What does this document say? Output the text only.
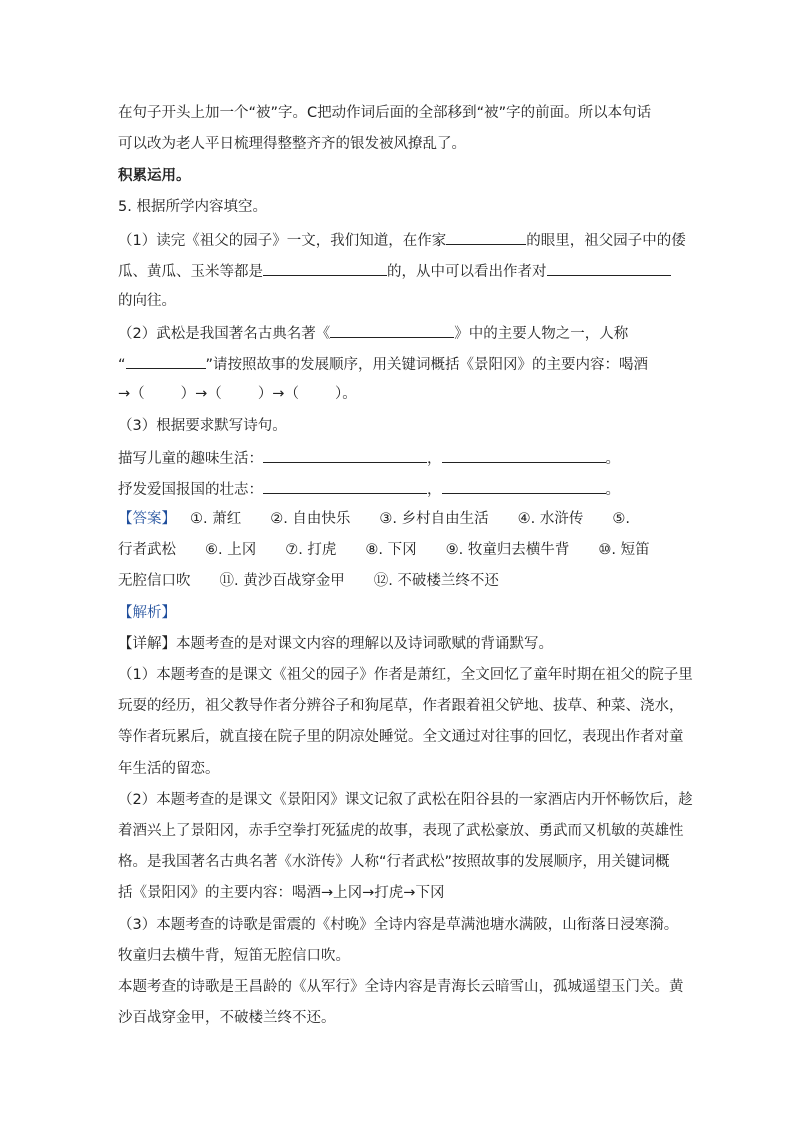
在句子开头上加一个“被”字。C把动作词后面的全部移到“被”字的前面。所以本句话
可以改为老人平日梳理得整整齐齐的银发被风撩乱了。
积累运用。
5. 根据所学内容填空。
（1）读完《祖父的园子》一文，我们知道，在作家	的眼里，祖父园子中的倭
瓜、黄瓜、玉米等都是	的，从中可以看出作者对
的向往。
（2）武松是我国著名古典名著《	》中的主要人物之一，人称
“	”请按照故事的发展顺序，用关键词概括《景阳冈》的主要内容：喝酒
→（ ）→（ ）→（ ）。
（3）根据要求默写诗句。
描写儿童的趣味生活：	，	。
抒发爱国报国的壮志：	，	。
【答案】 ①. 萧红　　②. 自由快乐　　③. 乡村自由生活　　④. 水浒传　　⑤.
行者武松　　⑥. 上冈　　⑦. 打虎　　⑧. 下冈　　⑨. 牧童归去横牛背　　⑩. 短笛
无腔信口吹　　⑪. 黄沙百战穿金甲　　⑫. 不破楼兰终不还
【解析】
【详解】本题考查的是对课文内容的理解以及诗词歌赋的背诵默写。
（1）本题考查的是课文《祖父的园子》作者是萧红，全文回忆了童年时期在祖父的院子里
玩耍的经历，祖父教导作者分辨谷子和狗尾草，作者跟着祖父铲地、拔草、种菜、浇水，
等作者玩累后，就直接在院子里的阴凉处睡觉。全文通过对往事的回忆，表现出作者对童
年生活的留恋。
（2）本题考查的是课文《景阳冈》课文记叙了武松在阳谷县的一家酒店内开怀畅饮后，趁
着酒兴上了景阳冈，赤手空拳打死猛虎的故事，表现了武松豪放、勇武而又机敏的英雄性
格。是我国著名古典名著《水浒传》人称“行者武松”按照故事的发展顺序，用关键词概
括《景阳冈》的主要内容：喝酒→上冈→打虎→下冈
（3）本题考查的诗歌是雷震的《村晚》全诗内容是草满池塘水满陂，山衔落日浸寒漪。
牧童归去横牛背，短笛无腔信口吹。
本题考查的诗歌是王昌龄的《从军行》全诗内容是青海长云暗雪山，孤城遥望玉门关。黄
沙百战穿金甲，不破楼兰终不还。
